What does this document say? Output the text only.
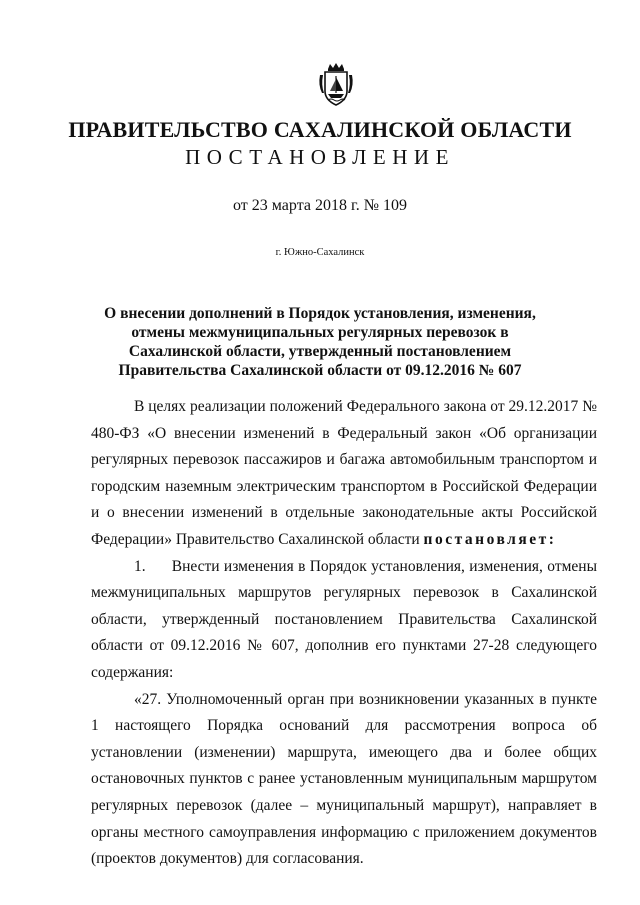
ПРАВИТЕЛЬСТВО САХАЛИНСКОЙ ОБЛАСТИ
ПОСТАНОВЛЕНИЕ
от 23 марта 2018 г. № 109
г. Южно-Сахалинск
О внесении дополнений в Порядок установления, изменения, отмены межмуниципальных регулярных перевозок в Сахалинской области, утвержденный постановлением Правительства Сахалинской области от 09.12.2016 № 607

В целях реализации положений Федерального закона от 29.12.2017 № 480-ФЗ «О внесении изменений в Федеральный закон «Об организации регулярных перевозок пассажиров и багажа автомобильным транспортом и городским наземным электрическим транспортом в Российской Федерации и о внесении изменений в отдельные законодательные акты Российской Федерации» Правительство Сахалинской области постановляет:

1.      Внести изменения в Порядок установления, изменения, отмены межмуниципальных маршрутов регулярных перевозок в Сахалинской области, утвержденный постановлением Правительства Сахалинской области от 09.12.2016 № 607, дополнив его пунктами 27-28 следующего содержания:

«27. Уполномоченный орган при возникновении указанных в пункте 1 настоящего Порядка оснований для рассмотрения вопроса об установлении (изменении) маршрута, имеющего два и более общих остановочных пунктов с ранее установленным муниципальным маршрутом регулярных перевозок (далее – муниципальный маршрут), направляет в органы местного самоуправления информацию с приложением документов (проектов документов) для согласования.
